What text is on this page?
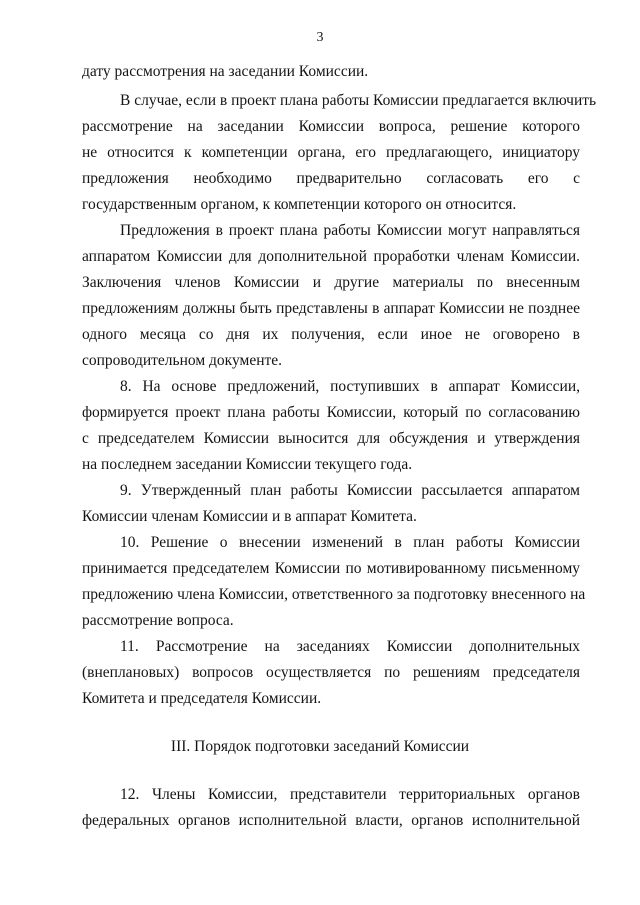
3
дату рассмотрения на заседании Комиссии.
В случае, если в проект плана работы Комиссии предлагается включить
рассмотрение на заседании Комиссии вопроса, решение которого
не относится к компетенции органа, его предлагающего, инициатору
предложения необходимо предварительно согласовать его с
государственным органом, к компетенции которого он относится.
Предложения в проект плана работы Комиссии могут направляться
аппаратом Комиссии для дополнительной проработки членам Комиссии.
Заключения членов Комиссии и другие материалы по внесенным
предложениям должны быть представлены в аппарат Комиссии не позднее
одного месяца со дня их получения, если иное не оговорено в
сопроводительном документе.
8. На основе предложений, поступивших в аппарат Комиссии,
формируется проект плана работы Комиссии, который по согласованию
с председателем Комиссии выносится для обсуждения и утверждения
на последнем заседании Комиссии текущего года.
9. Утвержденный план работы Комиссии рассылается аппаратом
Комиссии членам Комиссии и в аппарат Комитета.
10. Решение о внесении изменений в план работы Комиссии
принимается председателем Комиссии по мотивированному письменному
предложению члена Комиссии, ответственного за подготовку внесенного на
рассмотрение вопроса.
11. Рассмотрение на заседаниях Комиссии дополнительных
(внеплановых) вопросов осуществляется по решениям председателя
Комитета и председателя Комиссии.
III. Порядок подготовки заседаний Комиссии
12. Члены Комиссии, представители территориальных органов
федеральных органов исполнительной власти, органов исполнительной
